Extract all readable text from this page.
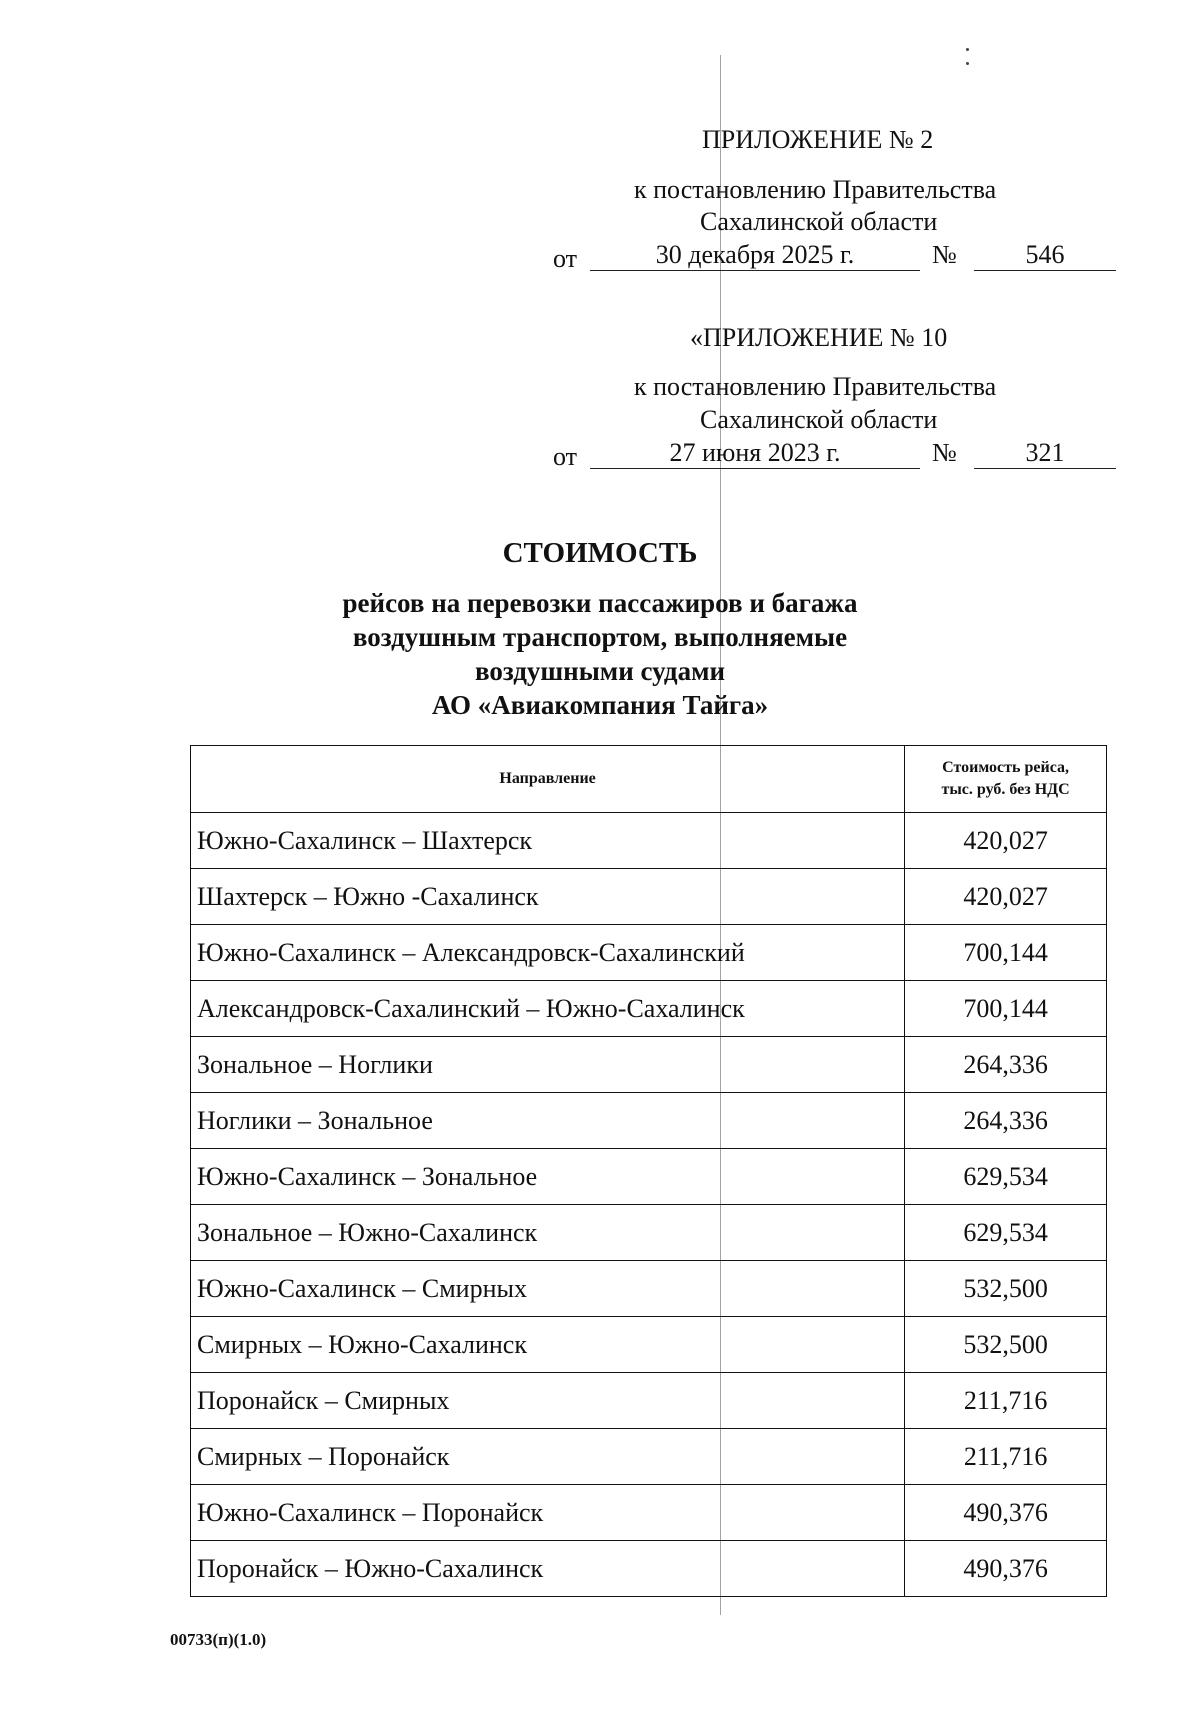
ПРИЛОЖЕНИЕ № 2
к постановлению Правительства
Сахалинской области
от	30 декабря 2025 г.	№	546
«ПРИЛОЖЕНИЕ № 10
к постановлению Правительства
Сахалинской области
от	27 июня 2023 г.	№	321
СТОИМОСТЬ
рейсов на перевозки пассажиров и багажа
воздушным транспортом, выполняемые
воздушными судами
АО «Авиакомпания Тайга»
Направление	Стоимость рейса,
тыс. руб. без НДС

Южно-Сахалинск – Шахтерск	420,027
Шахтерск – Южно -Сахалинск	420,027
Южно-Сахалинск – Александровск-Сахалинский	700,144
Александровск-Сахалинский – Южно-Сахалинск	700,144
Зональное – Ноглики	264,336
Ноглики – Зональное	264,336
Южно-Сахалинск – Зональное	629,534
Зональное – Южно-Сахалинск	629,534
Южно-Сахалинск – Смирных	532,500
Смирных – Южно-Сахалинск	532,500
Поронайск – Смирных	211,716
Смирных – Поронайск	211,716
Южно-Сахалинск – Поронайск	490,376
Поронайск – Южно-Сахалинск	490,376
00733(п)(1.0)
